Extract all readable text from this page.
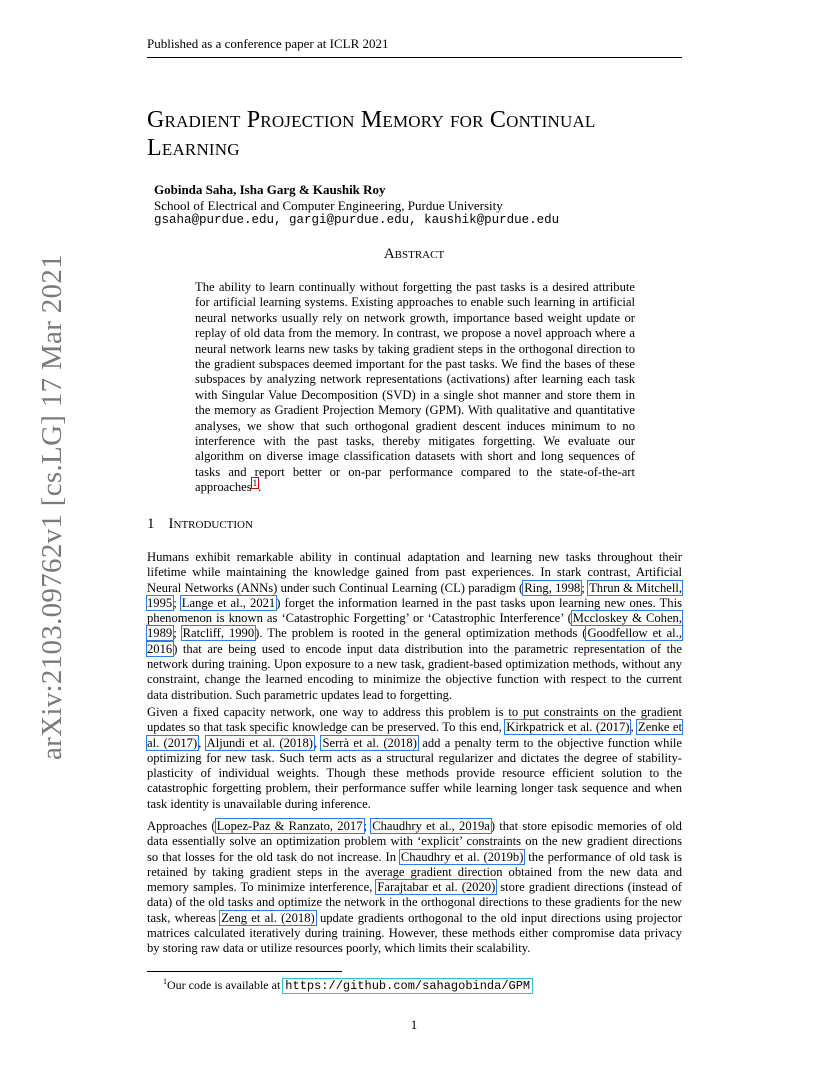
arXiv:2103.09762v1 [cs.LG] 17 Mar 2021
Published as a conference paper at ICLR 2021
Gradient Projection Memory for Continual
Learning
Gobinda Saha, Isha Garg & Kaushik Roy
School of Electrical and Computer Engineering, Purdue University
gsaha@purdue.edu, gargi@purdue.edu, kaushik@purdue.edu
Abstract
The ability to learn continually without forgetting the past tasks is a desired attribute for artificial learning systems. Existing approaches to enable such learning in artificial neural networks usually rely on network growth, importance based weight update or replay of old data from the memory. In contrast, we propose a novel approach where a neural network learns new tasks by taking gradient steps in the orthogonal direction to the gradient subspaces deemed important for the past tasks. We find the bases of these subspaces by analyzing network representations (activations) after learning each task with Singular Value Decomposition (SVD) in a single shot manner and store them in the memory as Gradient Projection Memory (GPM). With qualitative and quantitative analyses, we show that such orthogonal gradient descent induces minimum to no interference with the past tasks, thereby mitigates forgetting. We evaluate our algorithm on diverse image classification datasets with short and long sequences of tasks and report better or on-par performance compared to the state-of-the-art approaches$^1$.
1 Introduction
Humans exhibit remarkable ability in continual adaptation and learning new tasks throughout their lifetime while maintaining the knowledge gained from past experiences. In stark contrast, Artificial Neural Networks (ANNs) under such Continual Learning (CL) paradigm (Ring, 1998; Thrun & Mitchell, 1995; Lange et al., 2021) forget the information learned in the past tasks upon learning new ones. This phenomenon is known as ‘Catastrophic Forgetting’ or ‘Catastrophic Interference’ (Mccloskey & Cohen, 1989; Ratcliff, 1990). The problem is rooted in the general optimization methods (Goodfellow et al., 2016) that are being used to encode input data distribution into the parametric representation of the network during training. Upon exposure to a new task, gradient-based optimization methods, without any constraint, change the learned encoding to minimize the objective function with respect to the current data distribution. Such parametric updates lead to forgetting.
Given a fixed capacity network, one way to address this problem is to put constraints on the gradient updates so that task specific knowledge can be preserved. To this end, Kirkpatrick et al. (2017), Zenke et al. (2017), Aljundi et al. (2018), Serrà et al. (2018) add a penalty term to the objective function while optimizing for new task. Such term acts as a structural regularizer and dictates the degree of stability-plasticity of individual weights. Though these methods provide resource efficient solution to the catastrophic forgetting problem, their performance suffer while learning longer task sequence and when task identity is unavailable during inference.
Approaches (Lopez-Paz & Ranzato, 2017; Chaudhry et al., 2019a) that store episodic memories of old data essentially solve an optimization problem with ‘explicit’ constraints on the new gradient directions so that losses for the old task do not increase. In Chaudhry et al. (2019b) the performance of old task is retained by taking gradient steps in the average gradient direction obtained from the new data and memory samples. To minimize interference, Farajtabar et al. (2020) store gradient directions (instead of data) of the old tasks and optimize the network in the orthogonal directions to these gradients for the new task, whereas Zeng et al. (2018) update gradients orthogonal to the old input directions using projector matrices calculated iteratively during training. However, these methods either compromise data privacy by storing raw data or utilize resources poorly, which limits their scalability.
$^1$Our code is available at https://github.com/sahagobinda/GPM
1
